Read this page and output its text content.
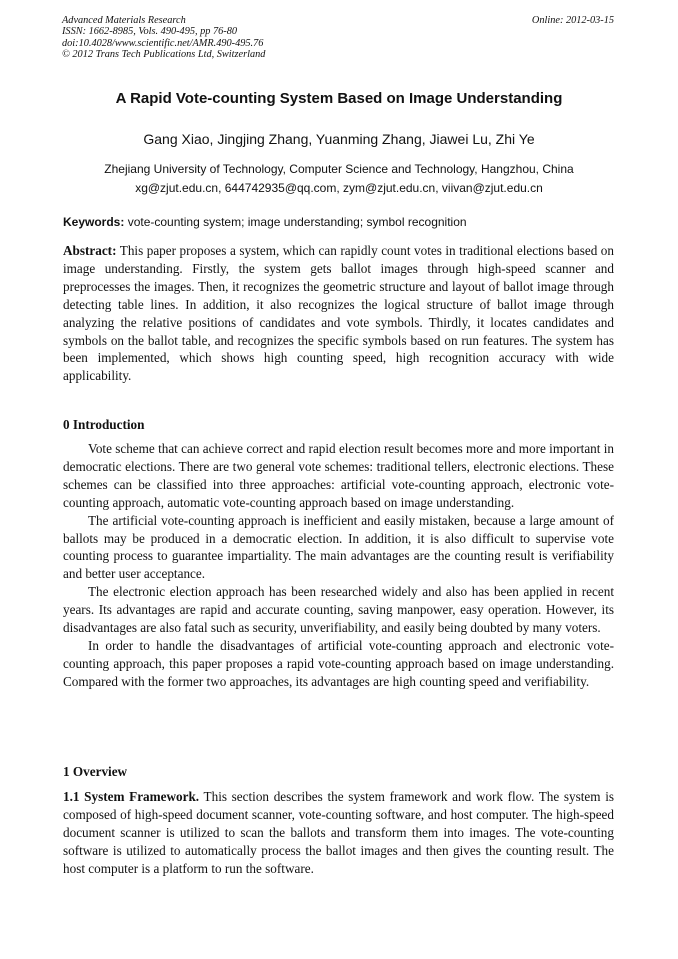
Advanced Materials Research
ISSN: 1662-8985, Vols. 490-495, pp 76-80
doi:10.4028/www.scientific.net/AMR.490-495.76
© 2012 Trans Tech Publications Ltd, Switzerland
Online: 2012-03-15
A Rapid Vote-counting System Based on Image Understanding
Gang Xiao, Jingjing Zhang, Yuanming Zhang, Jiawei Lu, Zhi Ye
Zhejiang University of Technology, Computer Science and Technology, Hangzhou, China
xg@zjut.edu.cn, 644742935@qq.com, zym@zjut.edu.cn, viivan@zjut.edu.cn
Keywords: vote-counting system; image understanding; symbol recognition
Abstract: This paper proposes a system, which can rapidly count votes in traditional elections based on image understanding. Firstly, the system gets ballot images through high-speed scanner and preprocesses the images. Then, it recognizes the geometric structure and layout of ballot image through detecting table lines. In addition, it also recognizes the logical structure of ballot image through analyzing the relative positions of candidates and vote symbols. Thirdly, it locates candidates and symbols on the ballot table, and recognizes the specific symbols based on run features. The system has been implemented, which shows high counting speed, high recognition accuracy with wide applicability.
0 Introduction

Vote scheme that can achieve correct and rapid election result becomes more and more important in democratic elections. There are two general vote schemes: traditional tellers, electronic elections. These schemes can be classified into three approaches: artificial vote-counting approach, electronic vote-counting approach, automatic vote-counting approach based on image understanding.

The artificial vote-counting approach is inefficient and easily mistaken, because a large amount of ballots may be produced in a democratic election. In addition, it is also difficult to supervise vote counting process to guarantee impartiality. The main advantages are the counting result is verifiability and better user acceptance.

The electronic election approach has been researched widely and also has been applied in recent years. Its advantages are rapid and accurate counting, saving manpower, easy operation. However, its disadvantages are also fatal such as security, unverifiability, and easily being doubted by many voters.

In order to handle the disadvantages of artificial vote-counting approach and electronic vote-counting approach, this paper proposes a rapid vote-counting approach based on image understanding. Compared with the former two approaches, its advantages are high counting speed and verifiability.

1 Overview

1.1 System Framework. This section describes the system framework and work flow. The system is composed of high-speed document scanner, vote-counting software, and host computer. The high-speed document scanner is utilized to scan the ballots and transform them into images. The vote-counting software is utilized to automatically process the ballot images and then gives the counting result. The host computer is a platform to run the software.
